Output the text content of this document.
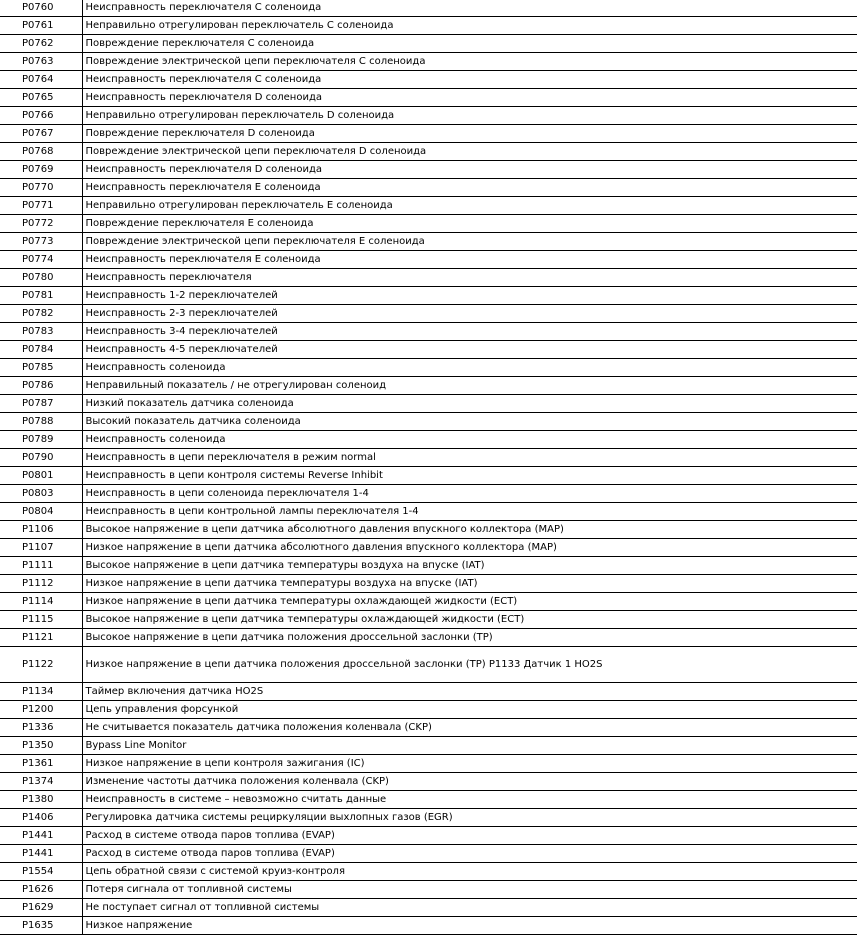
P0760	Неисправность переключателя C соленоида
P0761	Неправильно отрегулирован переключатель C соленоида
P0762	Повреждение переключателя C соленоида
P0763	Повреждение электрической цепи переключателя C соленоида
P0764	Неисправность переключателя C соленоида
P0765	Неисправность переключателя D соленоида
P0766	Неправильно отрегулирован переключатель D соленоида
P0767	Повреждение переключателя D соленоида
P0768	Повреждение электрической цепи переключателя D соленоида
P0769	Неисправность переключателя D соленоида
P0770	Неисправность переключателя E соленоида
P0771	Неправильно отрегулирован переключатель E соленоида
P0772	Повреждение переключателя E соленоида
P0773	Повреждение электрической цепи переключателя E соленоида
P0774	Неисправность переключателя E соленоида
P0780	Неисправность переключателя
P0781	Неисправность 1-2 переключателей
P0782	Неисправность 2-3 переключателей
P0783	Неисправность 3-4 переключателей
P0784	Неисправность 4-5 переключателей
P0785	Неисправность соленоида
P0786	Неправильный показатель / не отрегулирован соленоид
P0787	Низкий показатель датчика соленоида
P0788	Высокий показатель датчика соленоида
P0789	Неисправность соленоида
P0790	Неисправность в цепи переключателя в режим normal
P0801	Неисправность в цепи контроля системы Reverse Inhibit
P0803	Неисправность в цепи соленоида переключателя 1-4
P0804	Неисправность в цепи контрольной лампы переключателя 1-4
P1106	Высокое напряжение в цепи датчика абсолютного давления впускного коллектора (MAP)
P1107	Низкое напряжение в цепи датчика абсолютного давления впускного коллектора (MAP)
P1111	Высокое напряжение в цепи датчика температуры воздуха на впуске (IAT)
P1112	Низкое напряжение в цепи датчика температуры воздуха на впуске (IAT)
P1114	Низкое напряжение в цепи датчика температуры охлаждающей жидкости (ECT)
P1115	Высокое напряжение в цепи датчика температуры охлаждающей жидкости (ECT)
P1121	Высокое напряжение в цепи датчика положения дроссельной заслонки (TP)
P1122	Низкое напряжение в цепи датчика положения дроссельной заслонки (TP) P1133 Датчик 1 HO2S
P1134	Таймер включения датчика HO2S
P1200	Цепь управления форсункой
P1336	Не считывается показатель датчика положения коленвала (CKP)
P1350	Bypass Line Monitor
P1361	Низкое напряжение в цепи контроля зажигания (IC)
P1374	Изменение частоты датчика положения коленвала (CKP)
P1380	Неисправность в системе – невозможно считать данные
P1406	Регулировка датчика системы рециркуляции выхлопных газов (EGR)
P1441	Расход в системе отвода паров топлива (EVAP)
P1441	Расход в системе отвода паров топлива (EVAP)
P1554	Цепь обратной связи с системой круиз-контроля
P1626	Потеря сигнала от топливной системы
P1629	Не поступает сигнал от топливной системы
P1635	Низкое напряжение
